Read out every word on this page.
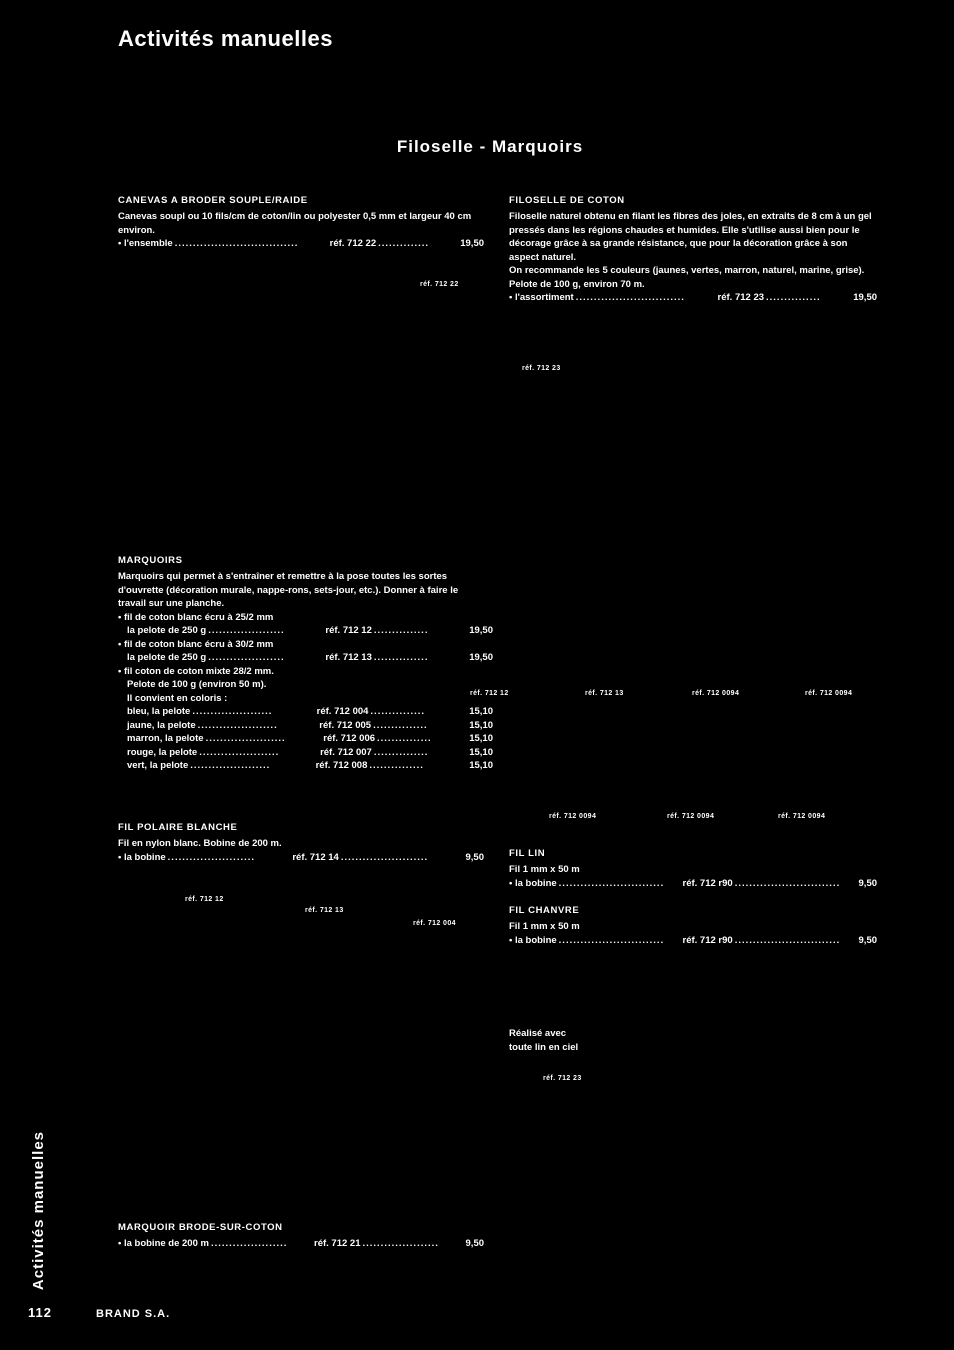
Activités manuelles
Filoselle - Marquoirs
CANEVAS A BRODER SOUPLE/RAIDE
Canevas soupl ou 10 fils/cm de coton/lin ou polyester 0,5 mm et largeur 40 cm environ.
• l'ensemble ..................................	réf. 712 22 ..............	19,50
réf. 712 22
MARQUOIRS
Marquoirs qui permet à s'entraîner et remettre à la pose toutes les sortes d'ouvrette (décoration murale, nappe-rons, sets-jour, etc.). Donner à faire le travail sur une planche.
• fil de coton blanc écru à 25/2 mm
la pelote de 250 g .....................	réf. 712 12 ...............	19,50
• fil de coton blanc écru à 30/2 mm
la pelote de 250 g .....................	réf. 712 13 ...............	19,50
• fil coton de coton mixte 28/2 mm.
Pelote de 100 g (environ 50 m).
Il convient en coloris :
bleu, la pelote ......................	réf. 712 004 ...............	15,10
jaune, la pelote ......................	réf. 712 005 ...............	15,10
marron, la pelote ......................	réf. 712 006 ...............	15,10
rouge, la pelote ......................	réf. 712 007 ...............	15,10
vert, la pelote ......................	réf. 712 008 ...............	15,10
FIL POLAIRE BLANCHE
Fil en nylon blanc. Bobine de 200 m.
• la bobine ........................	réf. 712 14 ........................	9,50
réf. 712 12
réf. 712 13
réf. 712 004
MARQUOIR BRODE-SUR-COTON
• la bobine de 200 m .....................	réf. 712 21 .....................	9,50
FILOSELLE DE COTON
Filoselle naturel obtenu en filant les fibres des joles, en extraits de 8 cm à un gel pressés dans les régions chaudes et humides. Elle s'utilise aussi bien pour le décorage grâce à sa grande résistance, que pour la décoration grâce à son aspect naturel.
On recommande les 5 couleurs (jaunes, vertes, marron, naturel, marine, grise). Pelote de 100 g, environ 70 m.
• l'assortiment ..............................	réf. 712 23 ...............	19,50
réf. 712 23
réf. 712 12	réf. 712 13	réf. 712 0094	réf. 712 0094
réf. 712 0094	réf. 712 0094	réf. 712 0094
FIL LIN
Fil 1 mm x 50 m
• la bobine .............................	réf. 712 r90 .............................	9,50
FIL CHANVRE
Fil 1 mm x 50 m
• la bobine .............................	réf. 712 r90 .............................	9,50
Réalisé avec
toute lin en ciel
réf. 712 23
Activités manuelles
112	BRAND S.A.
